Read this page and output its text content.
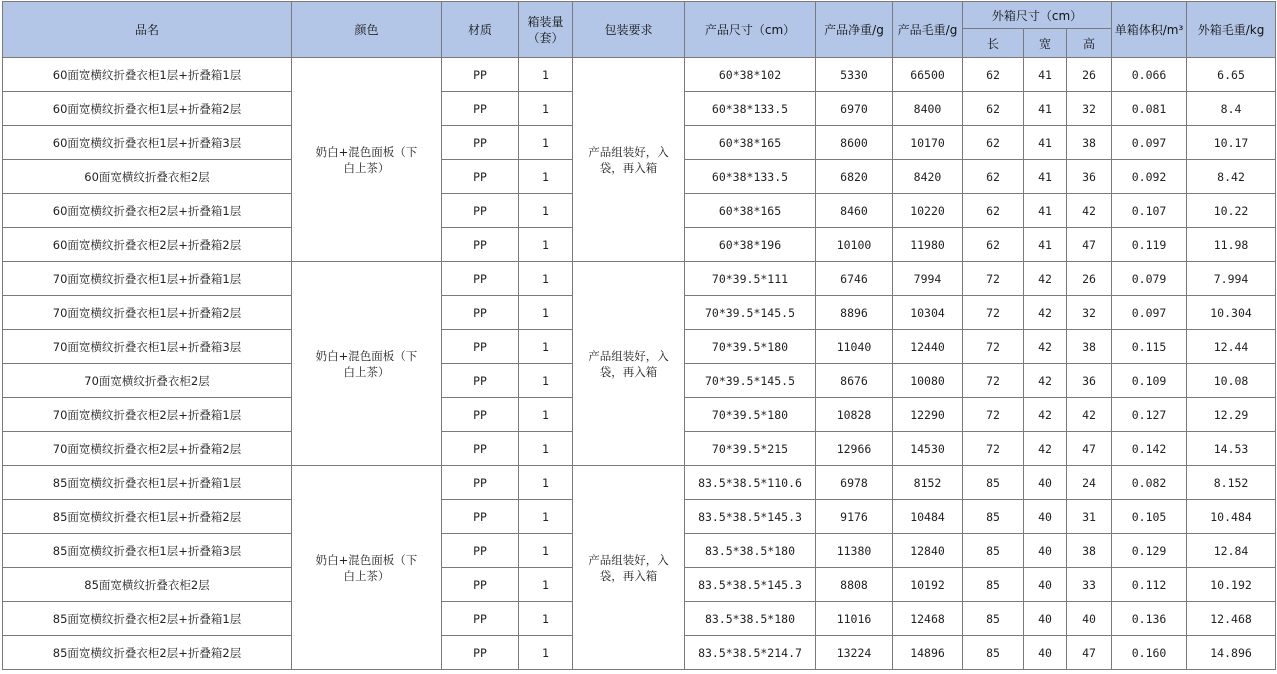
品名	颜色	材质	箱装量（套）	包装要求	产品尺寸（cm）	产品净重/g	产品毛重/g	外箱尺寸（cm）			单箱体积/m³	外箱毛重/kg
								长	宽	高		
60面宽横纹折叠衣柜1层+折叠箱1层	奶白+混色面板（下白上茶）	PP	1	产品组装好，入袋，再入箱	60*38*102	5330	66500	62	41	26	0.066	6.65
60面宽横纹折叠衣柜1层+折叠箱2层		PP	1		60*38*133.5	6970	8400	62	41	32	0.081	8.4
60面宽横纹折叠衣柜1层+折叠箱3层		PP	1		60*38*165	8600	10170	62	41	38	0.097	10.17
60面宽横纹折叠衣柜2层		PP	1		60*38*133.5	6820	8420	62	41	36	0.092	8.42
60面宽横纹折叠衣柜2层+折叠箱1层		PP	1		60*38*165	8460	10220	62	41	42	0.107	10.22
60面宽横纹折叠衣柜2层+折叠箱2层		PP	1		60*38*196	10100	11980	62	41	47	0.119	11.98
70面宽横纹折叠衣柜1层+折叠箱1层	奶白+混色面板（下白上茶）	PP	1	产品组装好，入袋，再入箱	70*39.5*111	6746	7994	72	42	26	0.079	7.994
70面宽横纹折叠衣柜1层+折叠箱2层		PP	1		70*39.5*145.5	8896	10304	72	42	32	0.097	10.304
70面宽横纹折叠衣柜1层+折叠箱3层		PP	1		70*39.5*180	11040	12440	72	42	38	0.115	12.44
70面宽横纹折叠衣柜2层		PP	1		70*39.5*145.5	8676	10080	72	42	36	0.109	10.08
70面宽横纹折叠衣柜2层+折叠箱1层		PP	1		70*39.5*180	10828	12290	72	42	42	0.127	12.29
70面宽横纹折叠衣柜2层+折叠箱2层		PP	1		70*39.5*215	12966	14530	72	42	47	0.142	14.53
85面宽横纹折叠衣柜1层+折叠箱1层	奶白+混色面板（下白上茶）	PP	1	产品组装好，入袋，再入箱	83.5*38.5*110.6	6978	8152	85	40	24	0.082	8.152
85面宽横纹折叠衣柜1层+折叠箱2层		PP	1		83.5*38.5*145.3	9176	10484	85	40	31	0.105	10.484
85面宽横纹折叠衣柜1层+折叠箱3层		PP	1		83.5*38.5*180	11380	12840	85	40	38	0.129	12.84
85面宽横纹折叠衣柜2层		PP	1		83.5*38.5*145.3	8808	10192	85	40	33	0.112	10.192
85面宽横纹折叠衣柜2层+折叠箱1层		PP	1		83.5*38.5*180	11016	12468	85	40	40	0.136	12.468
85面宽横纹折叠衣柜2层+折叠箱2层		PP	1		83.5*38.5*214.7	13224	14896	85	40	47	0.160	14.896
